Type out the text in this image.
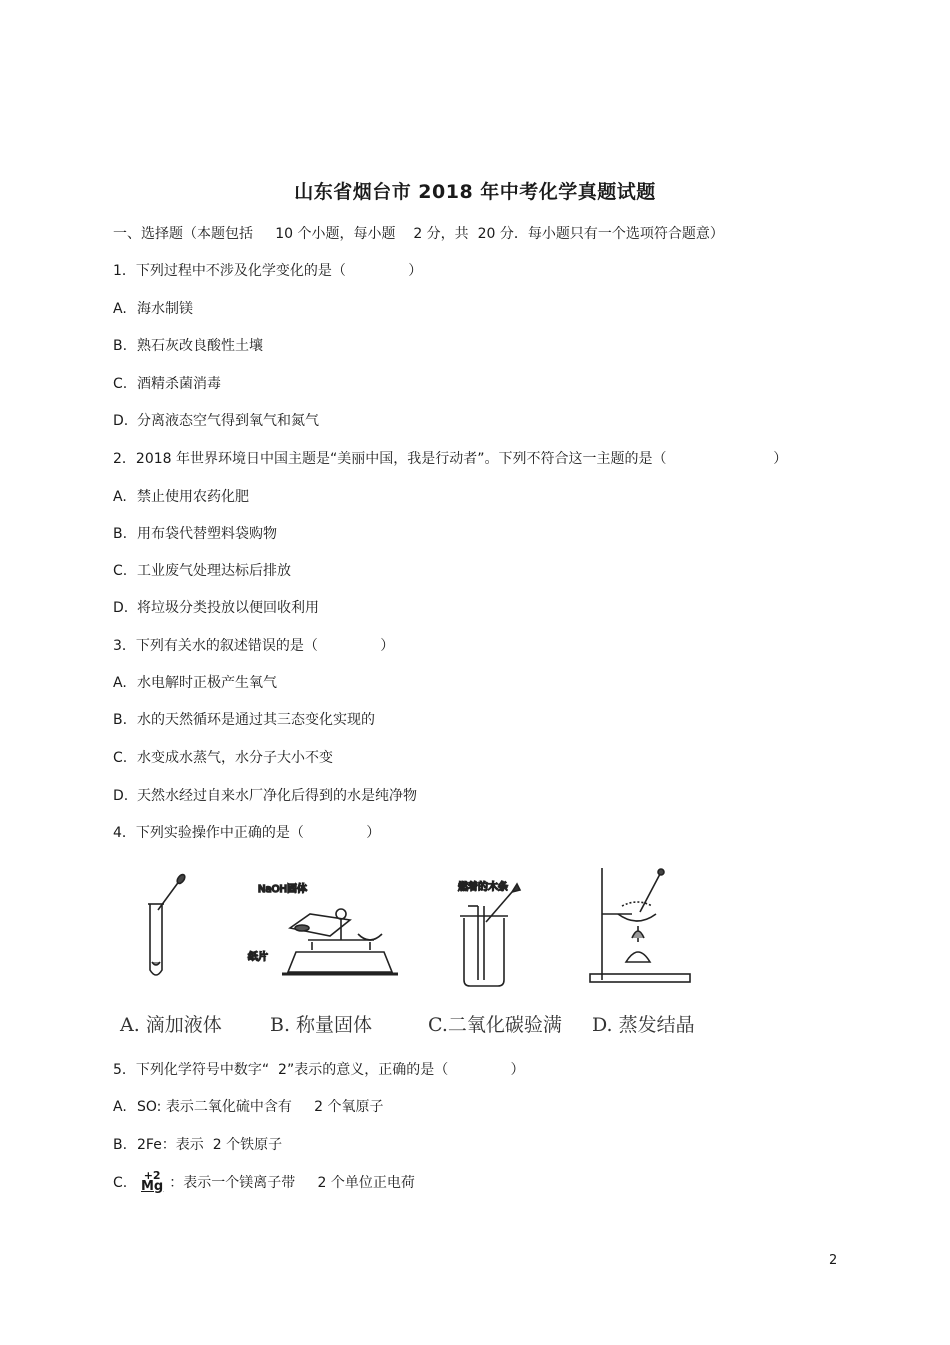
山东省烟台市 2018 年中考化学真题试题
一、选择题（本题包括     10 个小题，每小题    2 分，共  20 分．每小题只有一个选项符合题意）
1．下列过程中不涉及化学变化的是（              ）
A. 海水制镁
B. 熟石灰改良酸性土壤
C. 酒精杀菌消毒
D. 分离液态空气得到氧气和氮气
2．2018 年世界环境日中国主题是“美丽中国，我是行动者”。下列不符合这一主题的是（                        ）
A. 禁止使用农药化肥
B. 用布袋代替塑料袋购物
C. 工业废气处理达标后排放
D. 将垃圾分类投放以便回收利用
3．下列有关水的叙述错误的是（              ）
A. 水电解时正极产生氧气
B. 水的天然循环是通过其三态变化实现的
C. 水变成水蒸气，水分子大小不变
D. 天然水经过自来水厂净化后得到的水是纯净物
4．下列实验操作中正确的是（              ）
NaOH固体
纸片
燃着的木条
A. 滴加液体	B. 称量固体	C.二氧化碳验满 D. 蒸发结晶
5．下列化学符号中数字“  2”表示的意义，正确的是（              ）
A. SO: 表示二氧化硫中含有     2 个氧原子
B. 2Fe：表示  2 个铁原子
C. +2
Mg ：表示一个镁离子带     2 个单位正电荷
2
